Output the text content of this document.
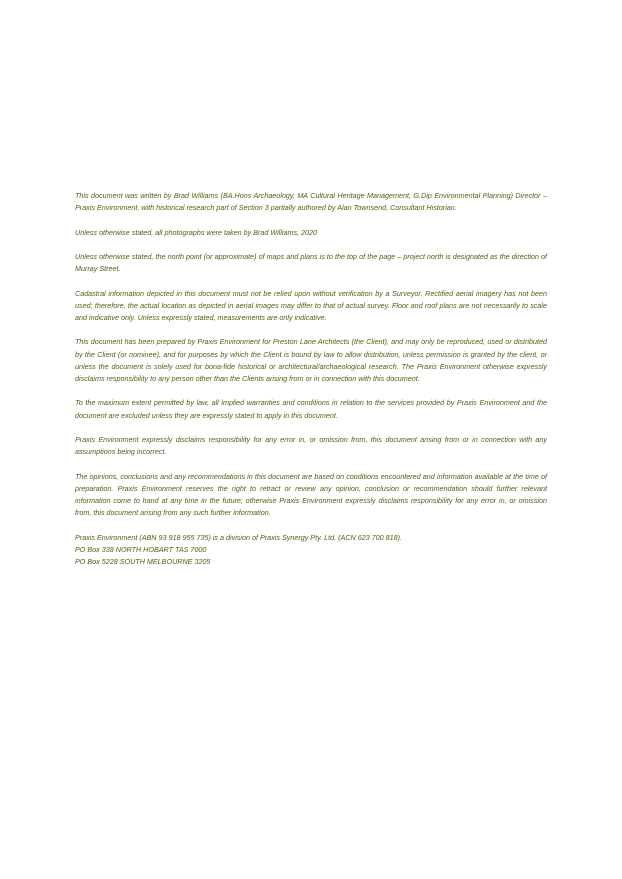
This document was written by Brad Williams (BA.Hons Archaeology, MA Cultural Heritage Management, G.Dip Environmental Planning) Director – Praxis Environment, with historical research part of Section 3 partially authored by Alan Townsend, Consultant Historian.

Unless otherwise stated, all photographs were taken by Brad Williams, 2020

Unless otherwise stated, the north point (or approximate) of maps and plans is to the top of the page – project north is designated as the direction of Murray Street.

Cadastral information depicted in this document must not be relied upon without verification by a Surveyor. Rectified aerial imagery has not been used; therefore, the actual location as depicted in aerial images may differ to that of actual survey. Floor and roof plans are not necessarily to scale and indicative only. Unless expressly stated, measurements are only indicative.

This document has been prepared by Praxis Environment for Preston Lane Architects (the Client), and may only be reproduced, used or distributed by the Client (or nominee), and for purposes by which the Client is bound by law to allow distribution, unless permission is granted by the client, or unless the document is solely used for bona-fide historical or architectural/archaeological research. The Praxis Environment otherwise expressly disclaims responsibility to any person other than the Clients arising from or in connection with this document.

To the maximum extent permitted by law, all implied warranties and conditions in relation to the services provided by Praxis Environment and the document are excluded unless they are expressly stated to apply in this document.

Praxis Environment expressly disclaims responsibility for any error in, or omission from, this document arising from or in connection with any assumptions being incorrect.

The opinions, conclusions and any recommendations in this document are based on conditions encountered and information available at the time of preparation. Praxis Environment reserves the right to retract or review any opinion, conclusion or recommendation should further relevant information come to hand at any time in the future; otherwise Praxis Environment expressly disclaims responsibility for any error in, or omission from, this document arising from any such further information.

Praxis Environment (ABN 93 918 955 735) is a division of Praxis Synergy Pty. Ltd. (ACN 623 700 818).
PO Box 338 NORTH HOBART TAS 7000
PO Box 5228 SOUTH MELBOURNE 3205
